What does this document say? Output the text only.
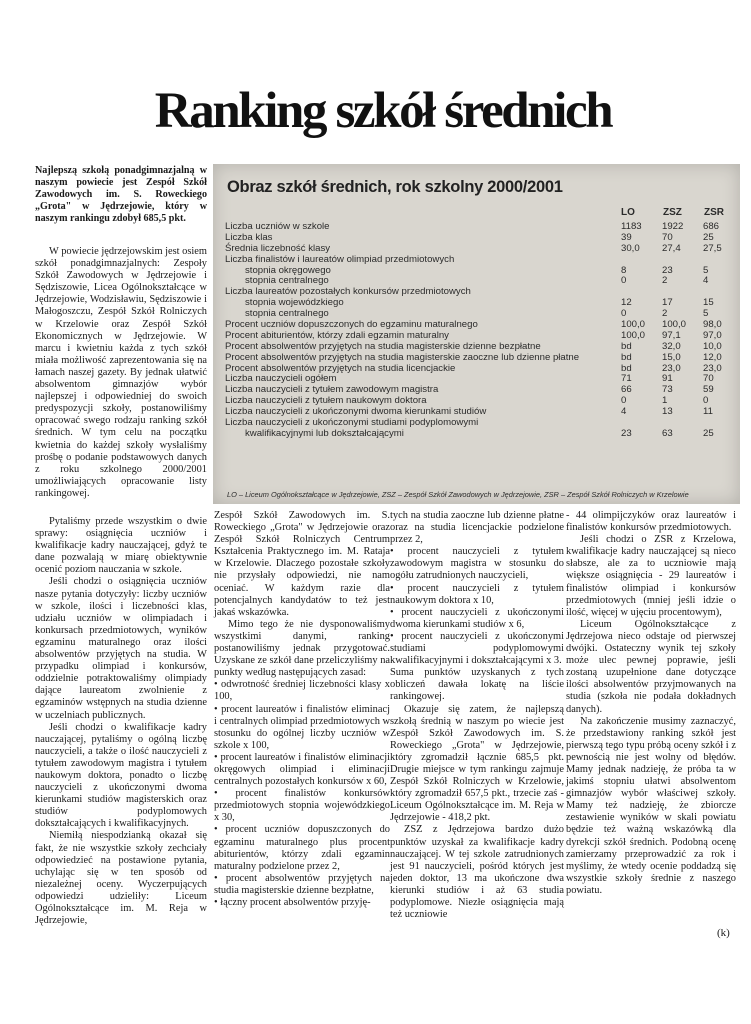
Ranking szkół średnich
Najlepszą szkołą ponadgimnazjalną w naszym powiecie jest Zespół Szkół Zawodowych im. S. Roweckiego „Grota" w Jędrzejowie, który w naszym rankingu zdobył 685,5 pkt.
Obraz szkół średnich, rok szkolny 2000/2001
LO	ZSZ ZSR
Liczba uczniów w szkole	1183	1922	686
Liczba klas	39	70	25
Średnia liczebność klasy	30,0	27,4	27,5
Liczba finalistów i laureatów olimpiad przedmiotowych
stopnia okręgowego	8	23	5
stopnia centralnego	0	2	4
Liczba laureatów pozostałych konkursów przedmiotowych
stopnia wojewódzkiego	12	17	15
stopnia centralnego	0	2	5
Procent uczniów dopuszczonych do egzaminu maturalnego	100,0	100,0	98,0
Procent abiturientów, którzy zdali egzamin maturalny	100,0	97,1	97,0
Procent absolwentów przyjętych na studia magisterskie dzienne bezpłatne	bd	32,0	10,0
Procent absolwentów przyjętych na studia magisterskie zaoczne lub dzienne płatne	bd	15,0	12,0
Procent absolwentów przyjętych na studia licencjackie	bd	23,0	23,0
Liczba nauczycieli ogółem	71	91	70
Liczba nauczycieli z tytułem zawodowym magistra	66	73	59
Liczba nauczycieli z tytułem naukowym doktora	0	1	0
Liczba nauczycieli z ukończonymi dwoma kierunkami studiów	4	13	11
Liczba nauczycieli z ukończonymi studiami podyplomowymi
kwalifikacyjnymi lub dokształcającymi	23	63	25
LO – Liceum Ogólnokształcące w Jędrzejowie, ZSZ – Zespół Szkół Zawodowych w Jędrzejowie, ZSR – Zespół Szkół Rolniczych w Krzelowie

W powiecie jędrzejowskim jest osiem szkół ponadgimnazjalnych: Zespoły Szkół Zawodowych w Jędrzejowie i Sędziszowie, Licea Ogólnokształcące w Jędrzejowie, Wodzisławiu, Sędziszowie i Małogoszczu, Zespół Szkół Rolniczych w Krzelowie oraz Zespół Szkół Ekonomicznych w Jędrzejowie. W marcu i kwietniu każda z tych szkół miała możliwość zaprezentowania się na łamach naszej gazety. By jednak ułatwić absolwentom gimnazjów wybór najlepszej i odpowiedniej do swoich predyspozycji szkoły, postanowiliśmy opracować swego rodzaju ranking szkół średnich. W tym celu na początku kwietnia do każdej szkoły wysłaliśmy prośbę o podanie podstawowych danych z roku szkolnego 2000/2001 umożliwiających opracowanie listy rankingowej.

Pytaliśmy przede wszystkim o dwie sprawy: osiągnięcia uczniów i kwalifikacje kadry nauczającej, gdyż te dane pozwalają w miarę obiektywnie ocenić poziom nauczania w szkole.

Jeśli chodzi o osiągnięcia uczniów nasze pytania dotyczyły: liczby uczniów w szkole, ilości i liczebności klas, udziału uczniów w olimpiadach i konkursach przedmiotowych, wyników egzaminu maturalnego oraz ilości absolwentów przyjętych na studia. W przypadku olimpiad i konkursów, oddzielnie potraktowaliśmy olimpiady dające laureatom zwolnienie z egzaminów wstępnych na studia dzienne w uczelniach publicznych.

Jeśli chodzi o kwalifikacje kadry nauczającej, pytaliśmy o ogólną liczbę nauczycieli, a także o ilość nauczycieli z tytułem zawodowym magistra i tytułem naukowym doktora, ponadto o liczbę nauczycieli z ukończonymi dwoma kierunkami studiów magisterskich oraz studiów podyplomowych dokształcających i kwalifikacyjnych.

Niemiłą niespodzianką okazał się fakt, że nie wszystkie szkoły zechciały odpowiedzieć na postawione pytania, uchylając się w ten sposób od niezależnej oceny. Wyczerpujących odpowiedzi udzieliły: Liceum Ogólnokształcące im. M. Reja w Jędrzejowie,

Zespół Szkół Zawodowych im. S. Roweckiego „Grota" w Jędrzejowie oraz Zespół Szkół Rolniczych Centrum Kształcenia Praktycznego im. M. Rataja w Krzelowie. Dlaczego pozostałe szkoły nie przysłały odpowiedzi, nie nam oceniać. W każdym razie dla potencjalnych kandydatów to też jest jakaś wskazówka.

Mimo tego że nie dysponowaliśmy wszystkimi danymi, ranking postanowiliśmy jednak przygotować. Uzyskane ze szkół dane przeliczyliśmy na punkty według następujących zasad:

• odwrotność średniej liczebności klasy x 100,

• procent laureatów i finalistów eliminacj i centralnych olimpiad przedmiotowych w stosunku do ogólnej liczby uczniów w szkole x 100,

• procent laureatów i finalistów eliminacji okręgowych olimpiad i eliminacji centralnych pozostałych konkursów x 60,

• procent finalistów konkursów przedmiotowych stopnia wojewódzkiego x 30,

• procent uczniów dopuszczonych do egzaminu maturalnego plus procent abiturientów, którzy zdali egzamin maturalny podzielone przez 2,

• procent absolwentów przyjętych na studia magisterskie dzienne bezpłatne,

• łączny procent absolwentów przyję-

tych na studia zaoczne lub dzienne płatne oraz na studia licencjackie podzielone przez 2,

• procent nauczycieli z tytułem zawodowym magistra w stosunku do ogółu zatrudnionych nauczycieli,

• procent nauczycieli z tytułem naukowym doktora x 10,

• procent nauczycieli z ukończonymi dwoma kierunkami studiów x 6,

• procent nauczycieli z ukończonymi studiami podyplomowymi kwalifikacyjnymi i dokształcającymi x 3.

Suma punktów uzyskanych z tych obliczeń dawała lokatę na liście rankingowej.

Okazuje się zatem, że najlepszą szkołą średnią w naszym po wiecie jest Zespół Szkół Zawodowych im. S. Roweckiego „Grota" w Jędrzejowie, który zgromadził łącznie 685,5 pkt. Drugie miejsce w tym rankingu zajmuje Zespół Szkół Rolniczych w Krzelowie, który zgromadził 657,5 pkt., trzecie zaś - Liceum Ogólnokształcące im. M. Reja w Jędrzejowie - 418,2 pkt.

ZSZ z Jędrzejowa bardzo dużo punktów uzyskał za kwalifikacje kadry nauczającej. W tej szkole zatrudnionych jest 91 nauczycieli, pośród których jest jeden doktor, 13 ma ukończone dwa kierunki studiów i aż 63 studia podyplomowe. Niezłe osiągnięcia mają też uczniowie

- 44 olimpijczyków oraz laureatów i finalistów konkursów przedmiotowych.

Jeśli chodzi o ZSR z Krzelowa, kwalifikacje kadry nauczającej są nieco słabsze, ale za to uczniowie mają większe osiągnięcia - 29 laureatów i finalistów olimpiad i konkursów przedmiotowych (mniej jeśli idzie o ilość, więcej w ujęciu procentowym),

Liceum Ogólnokształcące z Jędrzejowa nieco odstaje od pierwszej dwójki. Ostateczny wynik tej szkoły może ulec pewnej poprawie, jeśli zostaną uzupełnione dane dotyczące ilości absolwentów przyjmowanych na studia (szkoła nie podała dokładnych danych).

Na zakończenie musimy zaznaczyć, że przedstawiony ranking szkół jest pierwszą tego typu próbą oceny szkół i z pewnością nie jest wolny od błędów. Mamy jednak nadzieję, że próba ta w jakimś stopniu ułatwi absolwentom gimnazjów wybór właściwej szkoły. Mamy też nadzieję, że zbiorcze zestawienie wyników w skali powiatu będzie też ważną wskazówką dla dyrekcji szkół średnich. Podobną ocenę zamierzamy przeprowadzić za rok i myślimy, że wtedy ocenie poddadzą się wszystkie szkoły średnie z naszego powiatu.

(k)
